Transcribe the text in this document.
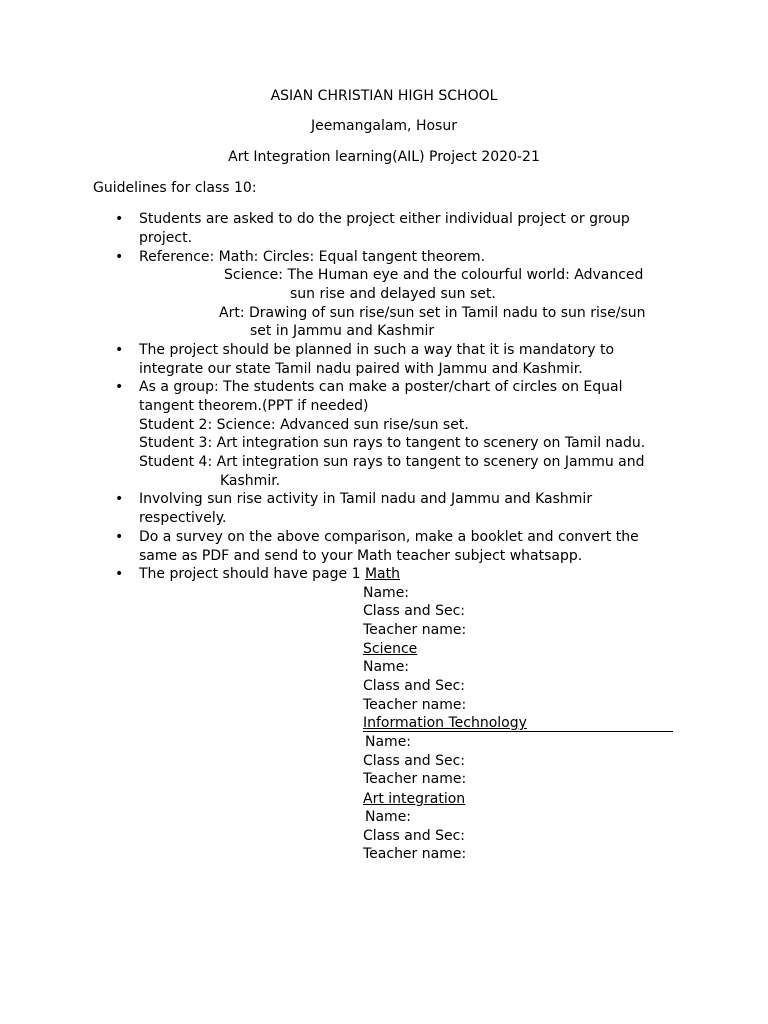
ASIAN CHRISTIAN HIGH SCHOOL
Jeemangalam, Hosur
Art Integration learning(AIL) Project 2020-21
Guidelines for class 10:
• Students are asked to do the project either individual project or group
project.
• Reference: Math: Circles: Equal tangent theorem.
Science: The Human eye and the colourful world: Advanced
sun rise and delayed sun set.
Art: Drawing of sun rise/sun set in Tamil nadu to sun rise/sun
set in Jammu and Kashmir
• The project should be planned in such a way that it is mandatory to
integrate our state Tamil nadu paired with Jammu and Kashmir.
• As a group: The students can make a poster/chart of circles on Equal
tangent theorem.(PPT if needed)
Student 2: Science: Advanced sun rise/sun set.
Student 3: Art integration sun rays to tangent to scenery on Tamil nadu.
Student 4: Art integration sun rays to tangent to scenery on Jammu and
Kashmir.
• Involving sun rise activity in Tamil nadu and Jammu and Kashmir
respectively.
• Do a survey on the above comparison, make a booklet and convert the
same as PDF and send to your Math teacher subject whatsapp.
• The project should have page 1 Math
Name:
Class and Sec:
Teacher name:
Science
Name:
Class and Sec:
Teacher name:
Information Technology
Name:
Class and Sec:
Teacher name:
Art integration
Name:
Class and Sec:
Teacher name:
